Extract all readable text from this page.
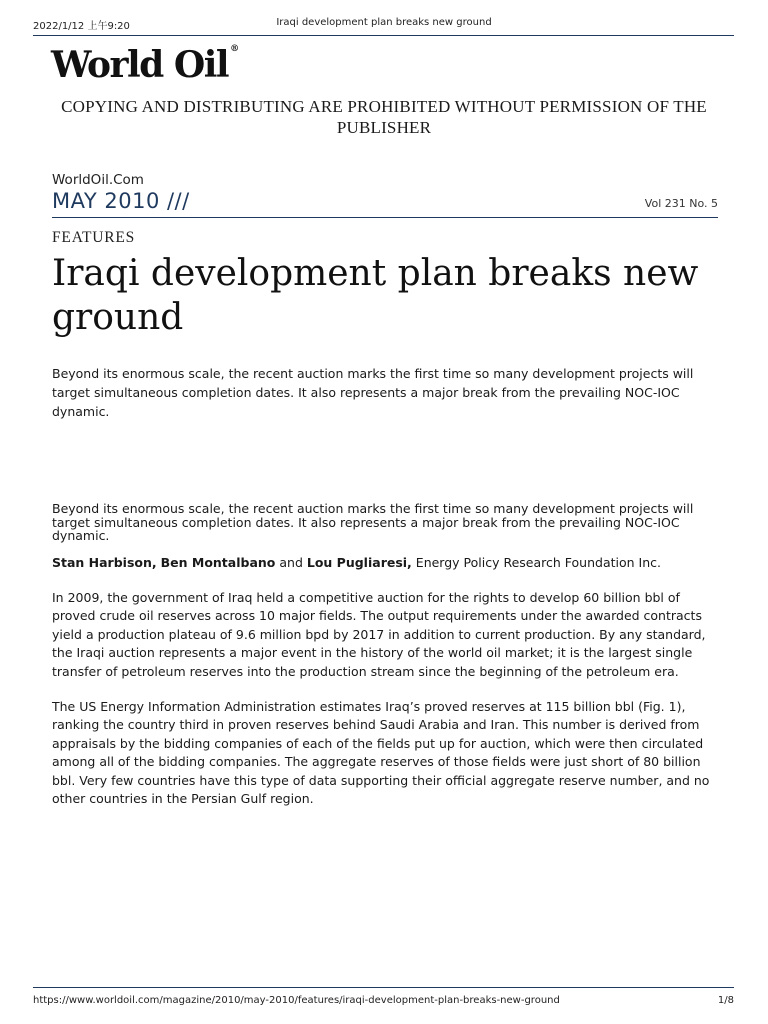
2022/1/12 上午9:20	Iraqi development plan breaks new ground
World Oil ®
COPYING AND DISTRIBUTING ARE PROHIBITED WITHOUT PERMISSION OF THE PUBLISHER
WorldOil.Com
MAY 2010 ///	Vol 231 No. 5
FEATURES
Iraqi development plan breaks new ground
Beyond its enormous scale, the recent auction marks the first time so many development projects will target simultaneous completion dates. It also represents a major break from the prevailing NOC-IOC dynamic.
Beyond its enormous scale, the recent auction marks the first time so many development projects will target simultaneous completion dates. It also represents a major break from the prevailing NOC-IOC dynamic.
Stan Harbison, Ben Montalbano and Lou Pugliaresi, Energy Policy Research Foundation Inc.

In 2009, the government of Iraq held a competitive auction for the rights to develop 60 billion bbl of proved crude oil reserves across 10 major fields. The output requirements under the awarded contracts yield a production plateau of 9.6 million bpd by 2017 in addition to current production. By any standard, the Iraqi auction represents a major event in the history of the world oil market; it is the largest single transfer of petroleum reserves into the production stream since the beginning of the petroleum era.

The US Energy Information Administration estimates Iraq’s proved reserves at 115 billion bbl (Fig. 1), ranking the country third in proven reserves behind Saudi Arabia and Iran. This number is derived from appraisals by the bidding companies of each of the fields put up for auction, which were then circulated among all of the bidding companies. The aggregate reserves of those fields were just short of 80 billion bbl. Very few countries have this type of data supporting their official aggregate reserve number, and no other countries in the Persian Gulf region.

https://www.worldoil.com/magazine/2010/may-2010/features/iraqi-development-plan-breaks-new-ground	1/8
